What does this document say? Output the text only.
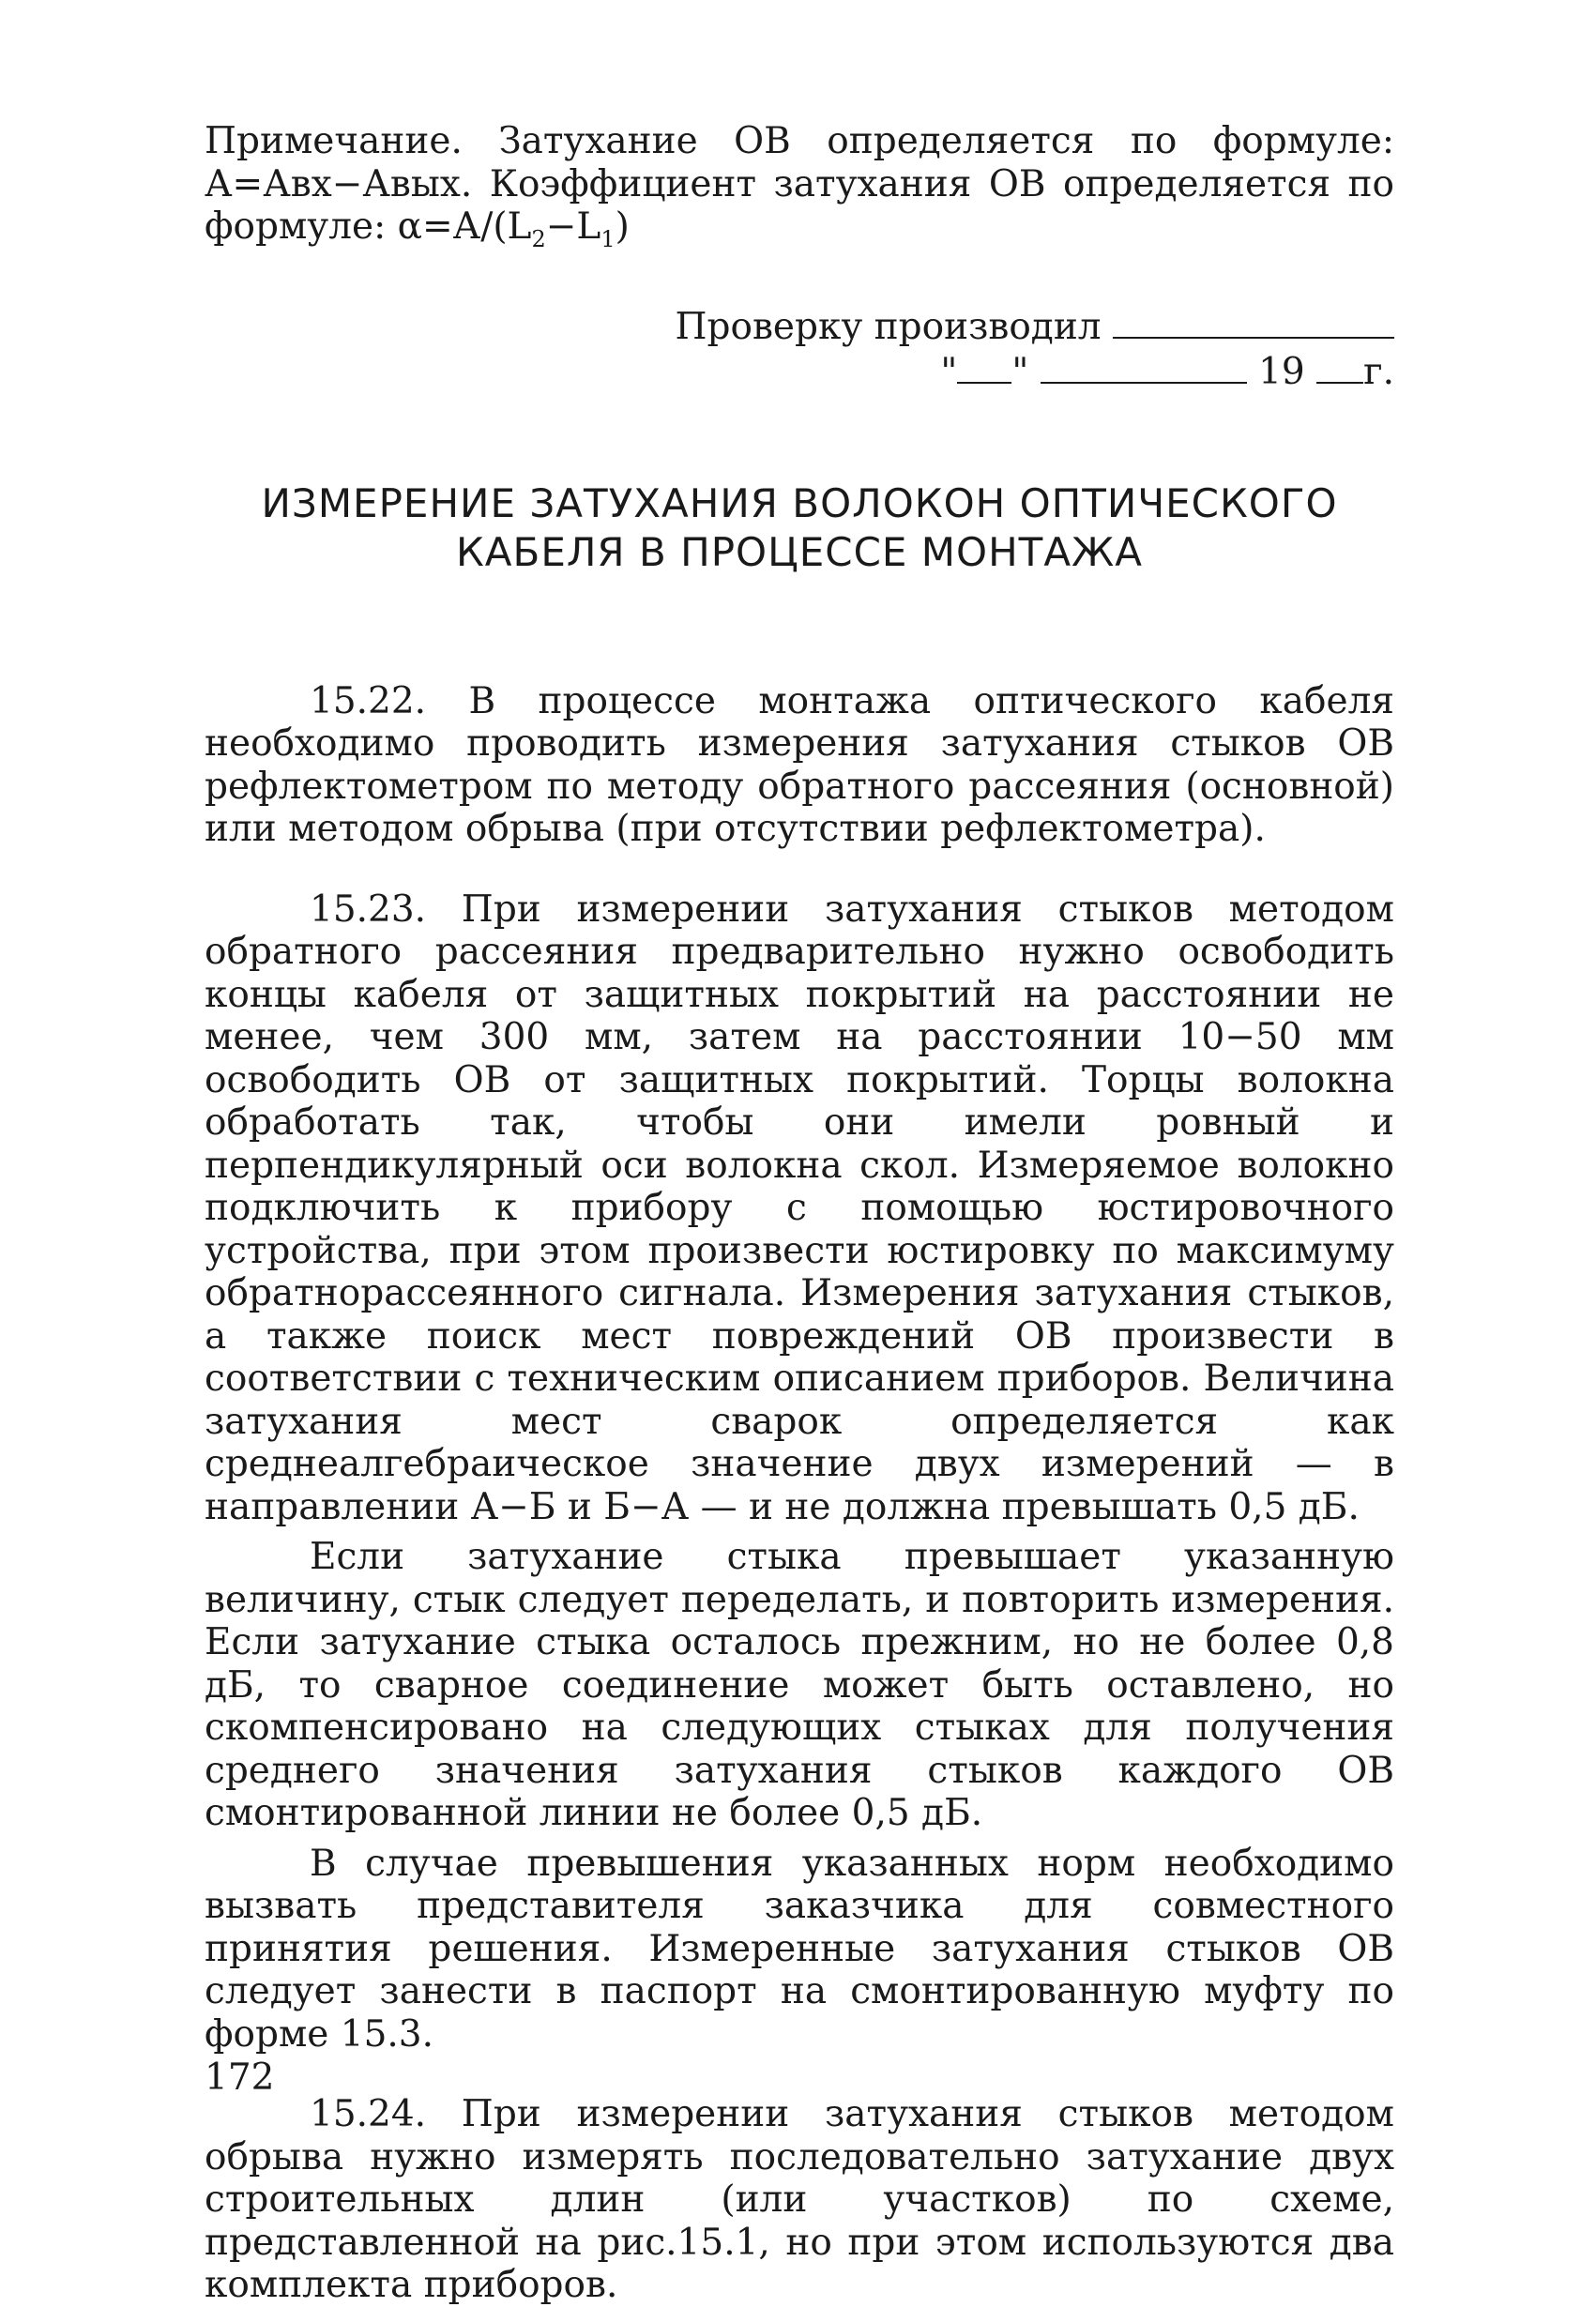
Примечание. Затухание ОВ определяется по формуле: А=Авх−Авых. Коэффициент затухания ОВ определяется по формуле: $\alpha=А/(L_2-L_1)$

Проверку производил
" "	19 г.
ИЗМЕРЕНИЕ ЗАТУХАНИЯ ВОЛОКОН ОПТИЧЕСКОГО
КАБЕЛЯ В ПРОЦЕССЕ МОНТАЖА

15.22. В процессе монтажа оптического кабеля необходимо проводить измерения затухания стыков ОВ рефлектометром по методу обратного рассеяния (основной) или методом обрыва (при отсутствии рефлектометра).

15.23. При измерении затухания стыков методом обратного рассеяния предварительно нужно освободить концы кабеля от защитных покрытий на расстоянии не менее, чем 300 мм, затем на расстоянии 10−50 мм освободить ОВ от защитных покрытий. Торцы волокна обработать так, чтобы они имели ровный и перпендикулярный оси волокна скол. Измеряемое волокно подключить к прибору с помощью юстировочного устройства, при этом произвести юстировку по максимуму обратнорассеянного сигнала. Измерения затухания стыков, а также поиск мест повреждений ОВ произвести в соответствии с техническим описанием приборов. Величина затухания мест сварок определяется как среднеалгебраическое значение двух измерений — в направлении А−Б и Б−А — и не должна превышать 0,5 дБ.

Если затухание стыка превышает указанную величину, стык следует переделать, и повторить измерения. Если затухание стыка осталось прежним, но не более 0,8 дБ, то сварное соединение может быть оставлено, но скомпенсировано на следующих стыках для получения среднего значения затухания стыков каждого ОВ смонтированной линии не более 0,5 дБ.

В случае превышения указанных норм необходимо вызвать представителя заказчика для совместного принятия решения. Измеренные затухания стыков ОВ следует занести в паспорт на смонтированную муфту по форме 15.3.

15.24. При измерении затухания стыков методом обрыва нужно измерять последовательно затухание двух строительных длин (или участков) по схеме, представленной на рис.15.1, но при этом используются два комплекта приборов.

172
